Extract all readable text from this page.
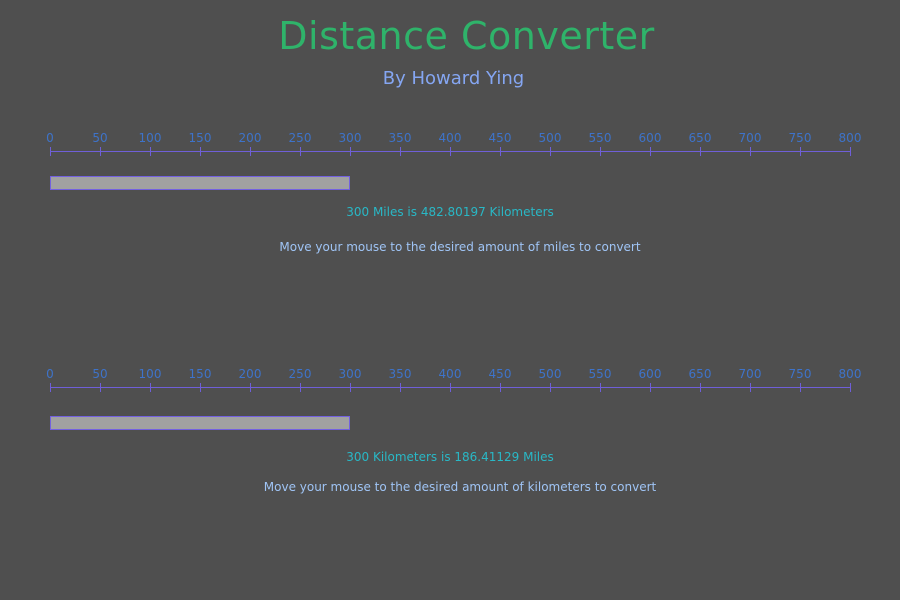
Distance Converter
By Howard Ying
0	50	100	150	200	250	300	350	400	450	500	550	600	650	700	750	800
300 Miles is 482.80197 Kilometers
Move your mouse to the desired amount of miles to convert
0	50	100	150	200	250	300	350	400	450	500	550	600	650	700	750	800
300 Kilometers is 186.41129 Miles
Move your mouse to the desired amount of kilometers to convert
